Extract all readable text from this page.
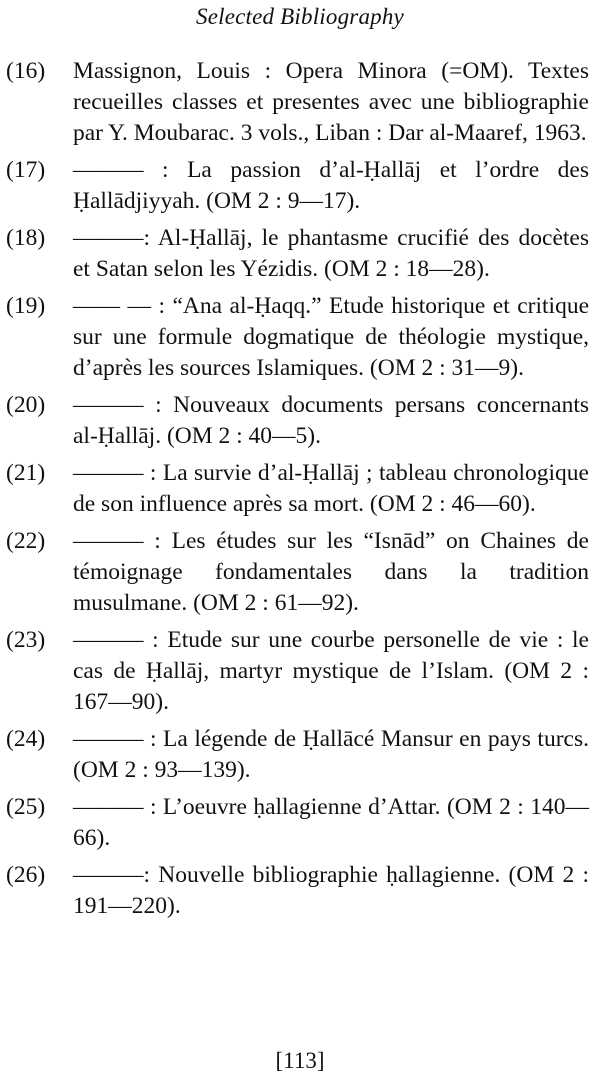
Selected Bibliography
(16) Massignon, Louis : Opera Minora (=OM). Textes recueilles classes et presentes avec une bibliographie par Y. Moubarac. 3 vols., Liban : Dar al-Maaref, 1963.
(17) ——— : La passion d’al-Ḥallāj et l’ordre des Ḥallādjiyyah. (OM 2 : 9—17).
(18) ———: Al-Ḥallāj, le phantasme crucifié des docètes et Satan selon les Yézidis. (OM 2 : 18—28).
(19) —— — : “Ana al-Ḥaqq.” Etude historique et critique sur une formule dogmatique de théologie mystique, d’après les sources Islamiques. (OM 2 : 31—9).
(20) ——— : Nouveaux documents persans concernants al-Ḥallāj. (OM 2 : 40—5).
(21) ——— : La survie d’al-Ḥallāj ; tableau chronologique de son influence après sa mort. (OM 2 : 46—60).
(22) ——— : Les études sur les “Isnād” on Chaines de témoignage fondamentales dans la tradition musulmane. (OM 2 : 61—92).
(23) ——— : Etude sur une courbe personelle de vie : le cas de Ḥallāj, martyr mystique de l’Islam. (OM 2 : 167—90).
(24) ——— : La légende de Ḥallācé Mansur en pays turcs. (OM 2 : 93—139).
(25) ——— : L’oeuvre ḥallagienne d’Attar. (OM 2 : 140—66).
(26) ———: Nouvelle bibliographie ḥallagienne. (OM 2 : 191—220).
[113]
